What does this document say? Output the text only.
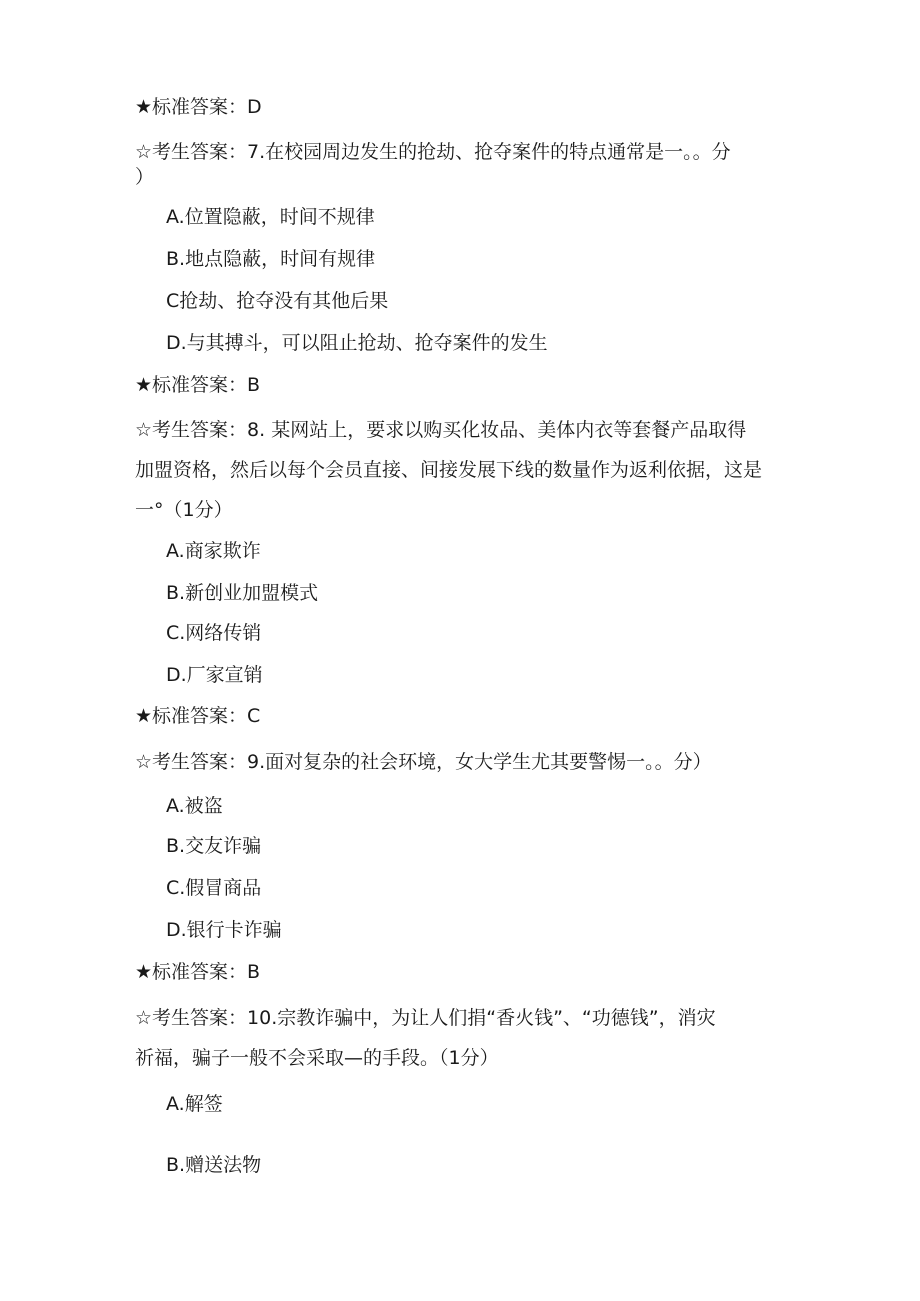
★标准答案：D
☆考生答案：7.在校园周边发生的抢劫、抢夺案件的特点通常是一。。分
）
A.位置隐蔽，时间不规律
B.地点隐蔽，时间有规律
C抢劫、抢夺没有其他后果
D.与其搏斗，可以阻止抢劫、抢夺案件的发生
★标准答案：B
☆考生答案：8. 某网站上，要求以购买化妆品、美体内衣等套餐产品取得
加盟资格，然后以每个会员直接、间接发展下线的数量作为返利依据，这是
一°（1分）
A.商家欺诈
B.新创业加盟模式
C.网络传销
D.厂家宣销
★标准答案：C
☆考生答案：9.面对复杂的社会环境，女大学生尤其要警惕一。。分）
A.被盗
B.交友诈骗
C.假冒商品
D.银行卡诈骗
★标准答案：B
☆考生答案：10.宗教诈骗中，为让人们捐“香火钱”、“功德钱”，消灾
祈福，骗子一般不会采取—的手段。（1分）
A.解签
B.赠送法物
